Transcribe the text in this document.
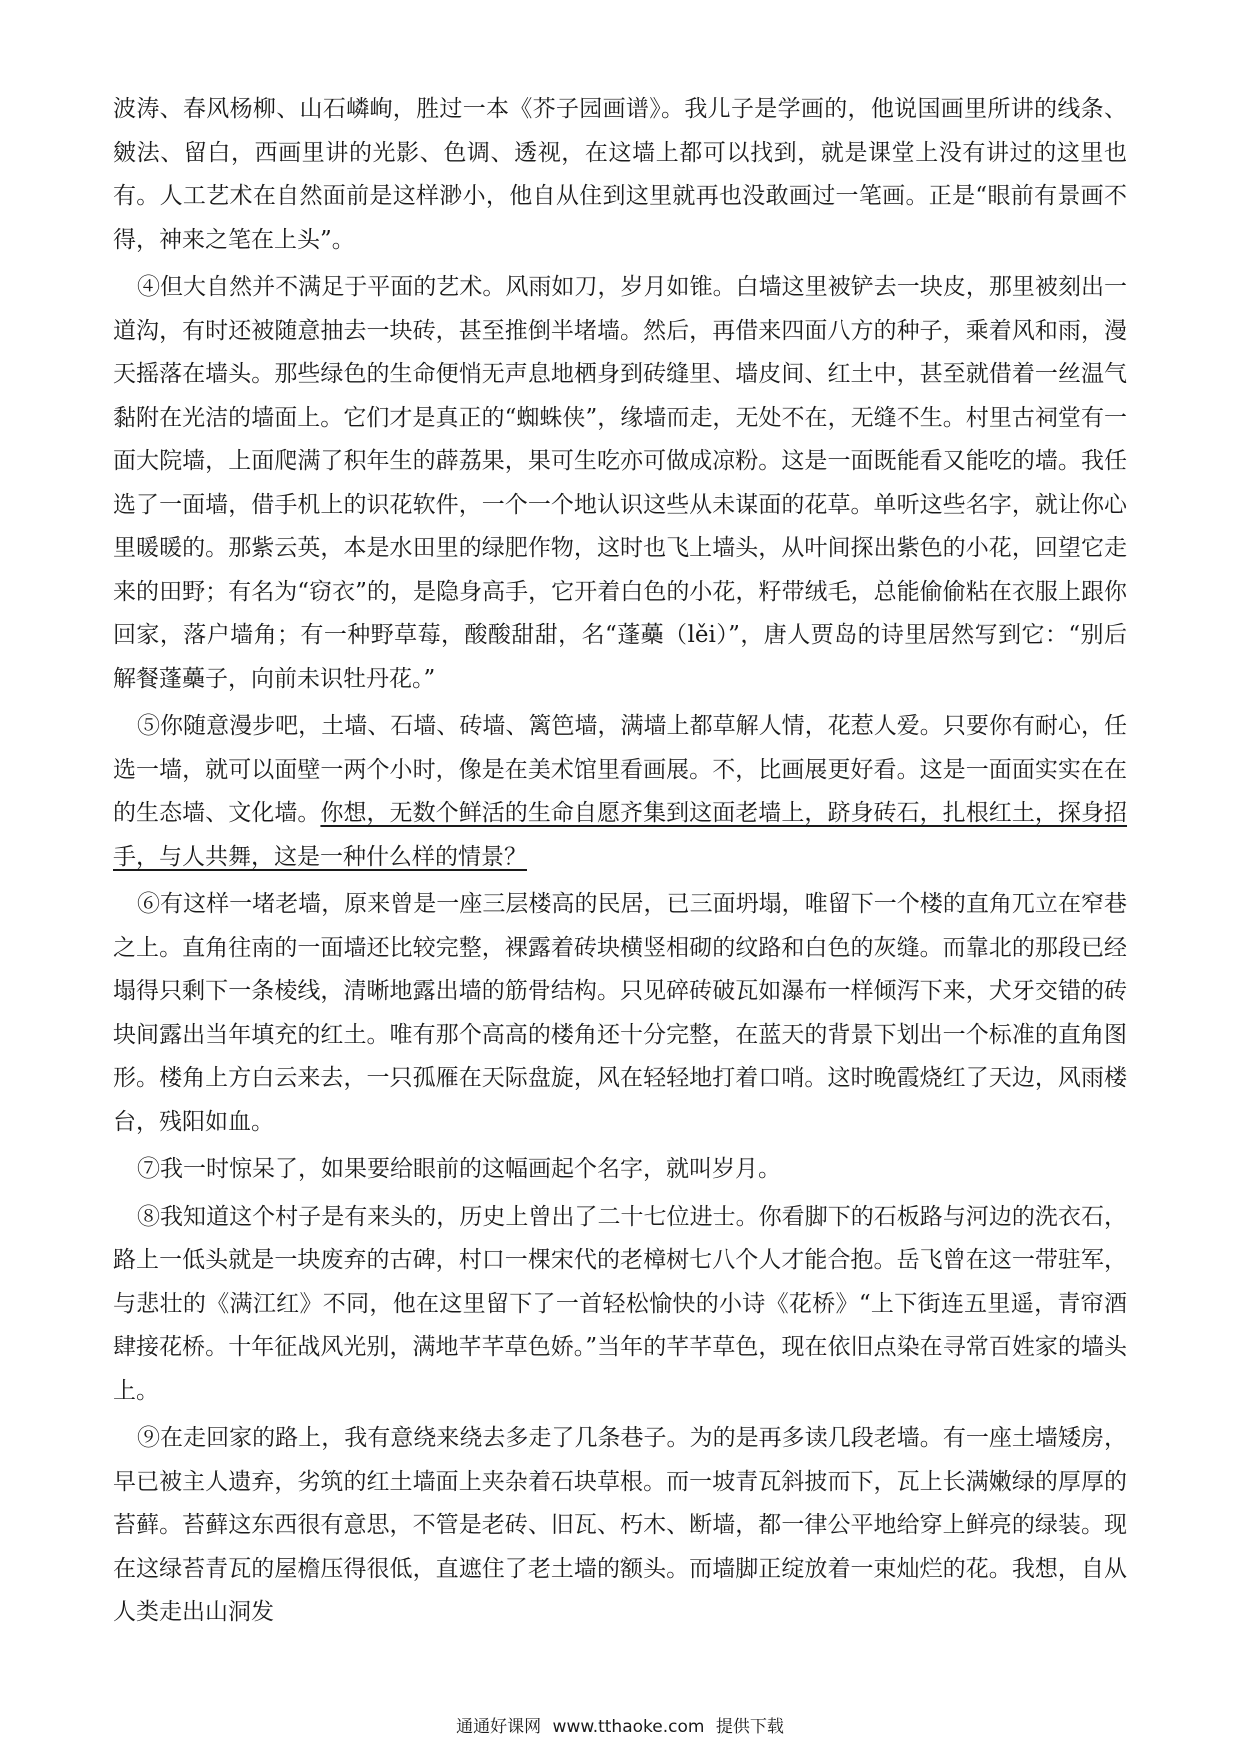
波涛、春风杨柳、山石嶙峋，胜过一本《芥子园画谱》。我儿子是学画的，他说国画里所讲的线条、皴法、留白，西画里讲的光影、色调、透视，在这墙上都可以找到，就是课堂上没有讲过的这里也有。人工艺术在自然面前是这样渺小，他自从住到这里就再也没敢画过一笔画。正是“眼前有景画不得，神来之笔在上头”。

④但大自然并不满足于平面的艺术。风雨如刀，岁月如锥。白墙这里被铲去一块皮，那里被刻出一道沟，有时还被随意抽去一块砖，甚至推倒半堵墙。然后，再借来四面八方的种子，乘着风和雨，漫天摇落在墙头。那些绿色的生命便悄无声息地栖身到砖缝里、墙皮间、红土中，甚至就借着一丝温气黏附在光洁的墙面上。它们才是真正的“蜘蛛侠”，缘墙而走，无处不在，无缝不生。村里古祠堂有一面大院墙，上面爬满了积年生的薜荔果，果可生吃亦可做成凉粉。这是一面既能看又能吃的墙。我任选了一面墙，借手机上的识花软件，一个一个地认识这些从未谋面的花草。单听这些名字，就让你心里暖暖的。那紫云英，本是水田里的绿肥作物，这时也飞上墙头，从叶间探出紫色的小花，回望它走来的田野；有名为“窃衣”的，是隐身高手，它开着白色的小花，籽带绒毛，总能偷偷粘在衣服上跟你回家，落户墙角；有一种野草莓，酸酸甜甜，名“蓬蘽（lěi）”，唐人贾岛的诗里居然写到它：“别后解餐蓬蘽子，向前未识牡丹花。”

⑤你随意漫步吧，土墙、石墙、砖墙、篱笆墙，满墙上都草解人情，花惹人爱。只要你有耐心，任选一墙，就可以面壁一两个小时，像是在美术馆里看画展。不，比画展更好看。这是一面面实实在在的生态墙、文化墙。你想，无数个鲜活的生命自愿齐集到这面老墙上，跻身砖石，扎根红土，探身招手，与人共舞，这是一种什么样的情景？

⑥有这样一堵老墙，原来曾是一座三层楼高的民居，已三面坍塌，唯留下一个楼的直角兀立在窄巷之上。直角往南的一面墙还比较完整，裸露着砖块横竖相砌的纹路和白色的灰缝。而靠北的那段已经塌得只剩下一条棱线，清晰地露出墙的筋骨结构。只见碎砖破瓦如瀑布一样倾泻下来，犬牙交错的砖块间露出当年填充的红土。唯有那个高高的楼角还十分完整，在蓝天的背景下划出一个标准的直角图形。楼角上方白云来去，一只孤雁在天际盘旋，风在轻轻地打着口哨。这时晚霞烧红了天边，风雨楼台，残阳如血。

⑦我一时惊呆了，如果要给眼前的这幅画起个名字，就叫岁月。

⑧我知道这个村子是有来头的，历史上曾出了二十七位进士。你看脚下的石板路与河边的洗衣石，路上一低头就是一块废弃的古碑，村口一棵宋代的老樟树七八个人才能合抱。岳飞曾在这一带驻军，与悲壮的《满江红》不同，他在这里留下了一首轻松愉快的小诗《花桥》“上下街连五里遥，青帘酒肆接花桥。十年征战风光别，满地芊芊草色娇。”当年的芊芊草色，现在依旧点染在寻常百姓家的墙头上。

⑨在走回家的路上，我有意绕来绕去多走了几条巷子。为的是再多读几段老墙。有一座土墙矮房，早已被主人遗弃，劣筑的红土墙面上夹杂着石块草根。而一坡青瓦斜披而下，瓦上长满嫩绿的厚厚的苔藓。苔藓这东西很有意思，不管是老砖、旧瓦、朽木、断墙，都一律公平地给穿上鲜亮的绿装。现在这绿苔青瓦的屋檐压得很低，直遮住了老土墙的额头。而墙脚正绽放着一束灿烂的花。我想，自从人类走出山洞发

通通好课网 www.tthaoke.com 提供下载
